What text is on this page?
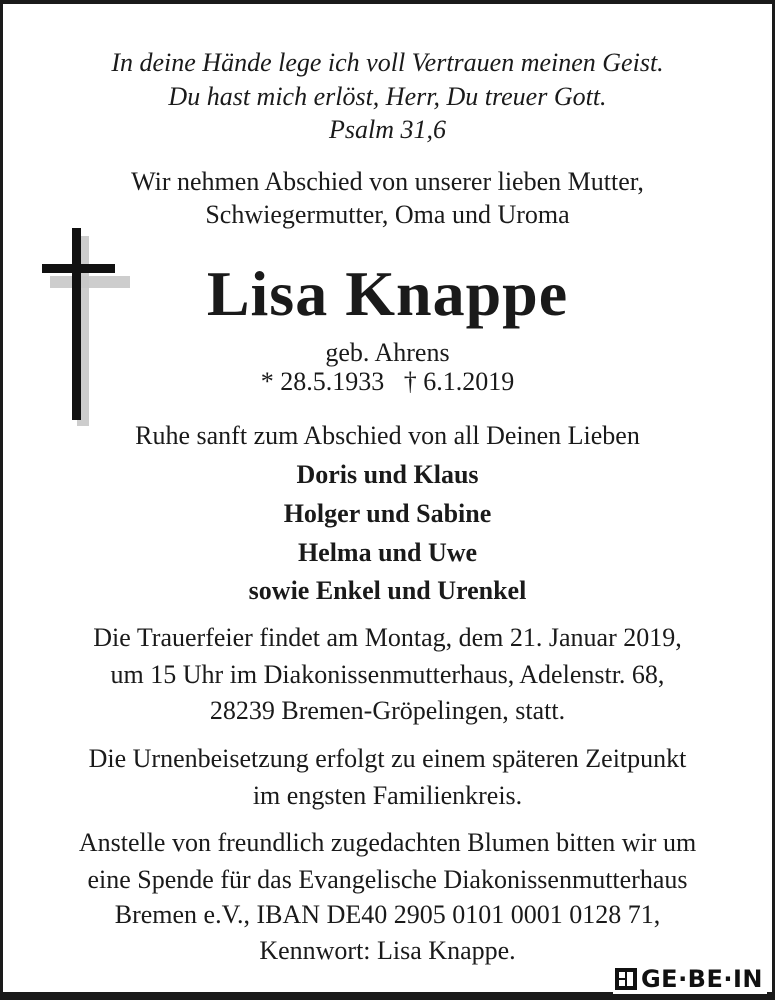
In deine Hände lege ich voll Vertrauen meinen Geist.
Du hast mich erlöst, Herr, Du treuer Gott.
Psalm 31,6
Wir nehmen Abschied von unserer lieben Mutter,
Schwiegermutter, Oma und Uroma
Lisa Knappe
geb. Ahrens
* 28.5.1933   † 6.1.2019
Ruhe sanft zum Abschied von all Deinen Lieben
Doris und Klaus
Holger und Sabine
Helma und Uwe
sowie Enkel und Urenkel
Die Trauerfeier findet am Montag, dem 21. Januar 2019,
um 15 Uhr im Diakonissenmutterhaus, Adelenstr. 68,
28239 Bremen-Gröpelingen, statt.
Die Urnenbeisetzung erfolgt zu einem späteren Zeitpunkt
im engsten Familienkreis.
Anstelle von freundlich zugedachten Blumen bitten wir um
eine Spende für das Evangelische Diakonissenmutterhaus
Bremen e.V., IBAN DE40 2905 0101 0001 0128 71,
Kennwort: Lisa Knappe.
GE·BE·IN
